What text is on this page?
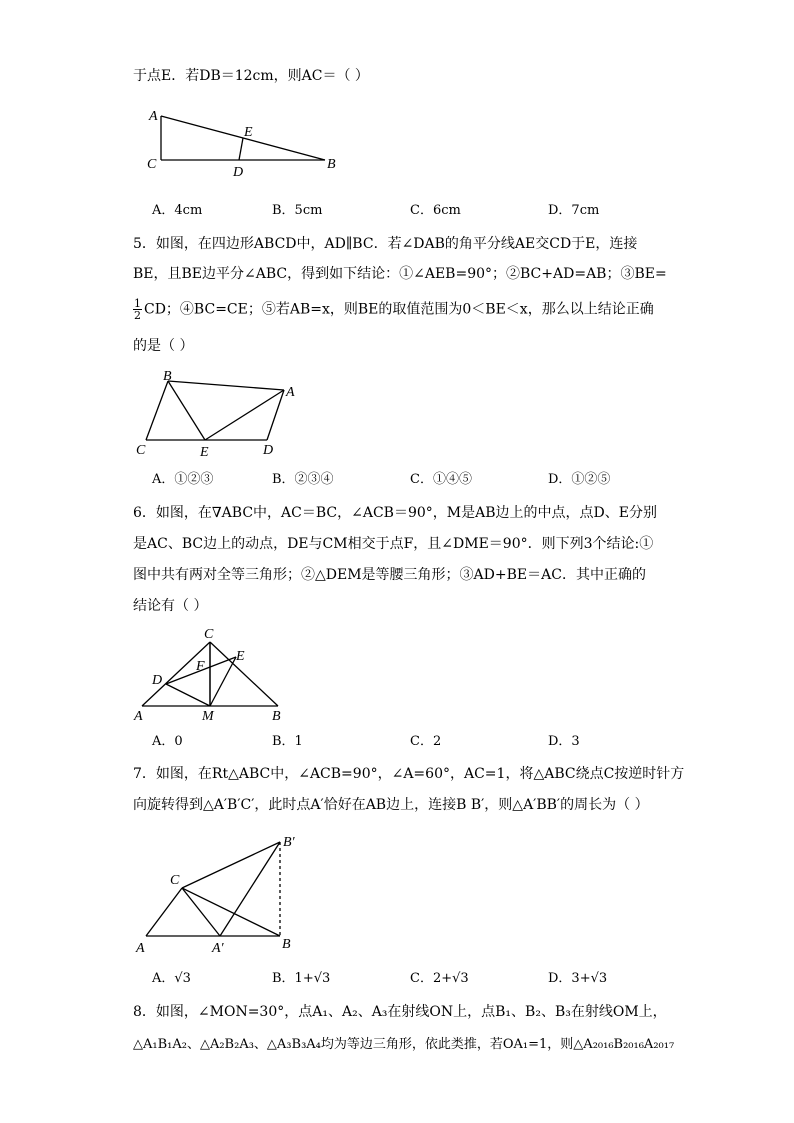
于点E．若DB＝12cm，则AC＝（ ）
A
E
C
D
B
A．4cm	B．5cm	C．6cm	D．7cm
5．如图，在四边形ABCD中，AD∥BC．若∠DAB的角平分线AE交CD于E，连接
BE，且BE边平分∠ABC，得到如下结论：①∠AEB=90°；②BC+AD=AB；③BE=
$\frac{1}{2}$ CD；④BC=CE；⑤若AB=x，则BE的取值范围为0＜BE＜x，那么以上结论正确
的是（ ）
B
A
C	E	D
A．①②③	B．②③④	C．①④⑤	D．①②⑤
6．如图，在∇ABC中，AC＝BC，∠ACB＝90°，M是AB边上的中点，点D、E分别
是AC、BC边上的动点，DE与CM相交于点F，且∠DME＝90°．则下列3个结论:①
图中共有两对全等三角形；②△DEM是等腰三角形；③AD+BE＝AC．其中正确的
结论有（ ）
C
E
F
D
A	M	B
A．0	B．1	C．2	D．3
7．如图，在Rt△ABC中，∠ACB=90°，∠A=60°，AC=1，将△ABC绕点C按逆时针方
向旋转得到△A′B′C′，此时点A′恰好在AB边上，连接B B′，则△A′BB′的周长为（ ）
B′
C
A	A′	B
A．√3	B．1+√3	C．2+√3	D．3+√3
8．如图，∠MON=30°，点A₁、A₂、A₃在射线ON上，点B₁、B₂、B₃在射线OM上，
△A₁B₁A₂、△A₂B₂A₃、△A₃B₃A₄均为等边三角形，依此类推，若OA₁=1，则△A₂₀₁₆B₂₀₁₆A₂₀₁₇
